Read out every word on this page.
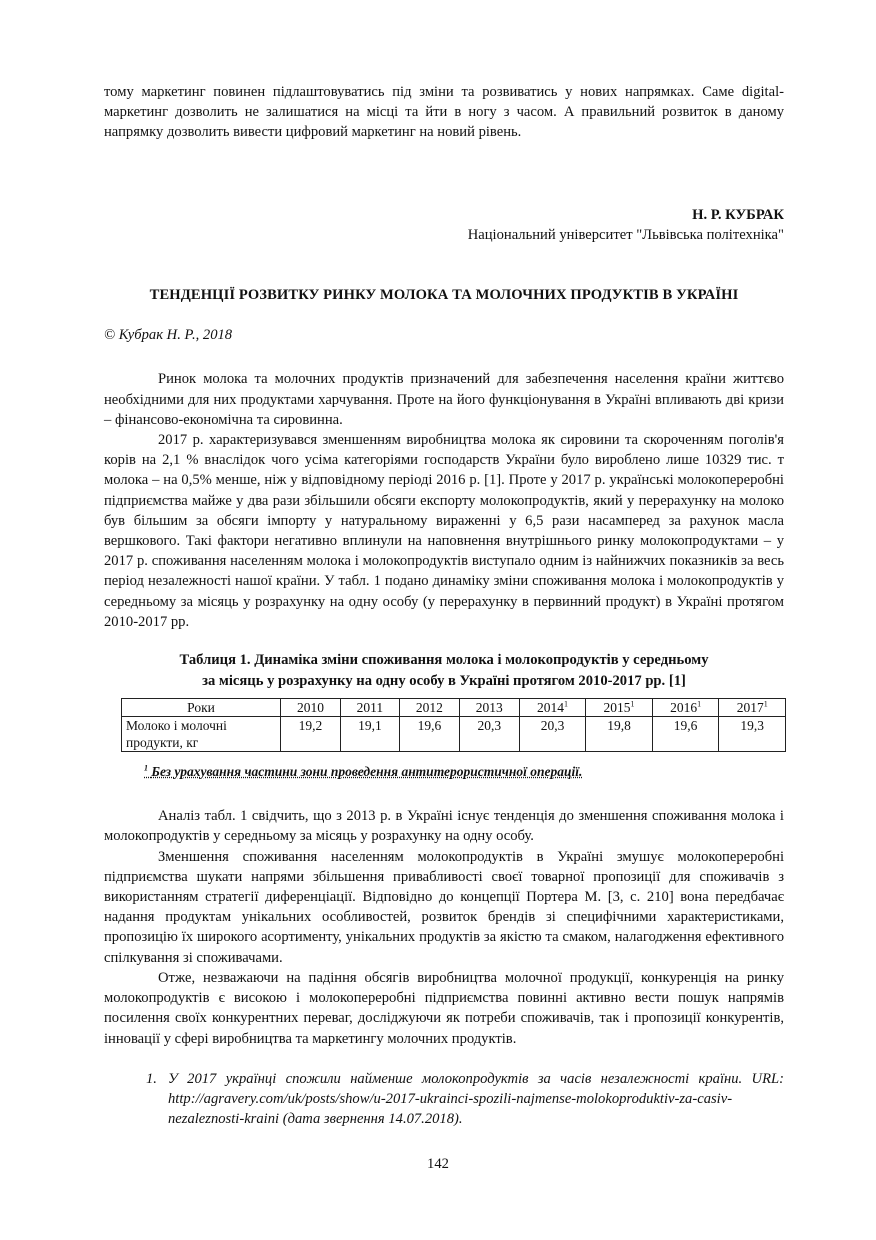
тому маркетинг повинен підлаштовуватись під зміни та розвиватись у нових напрямках. Саме digital-маркетинг дозволить не залишатися на місці та йти в ногу з часом. А правильний розвиток в даному напрямку дозволить вивести цифровий маркетинг на новий рівень.

Н. Р. КУБРАК
Національний університет "Львівська політехніка"
ТЕНДЕНЦІЇ РОЗВИТКУ РИНКУ МОЛОКА ТА МОЛОЧНИХ ПРОДУКТІВ В УКРАЇНІ
© Кубрак Н. Р., 2018

Ринок молока та молочних продуктів призначений для забезпечення населення країни життєво необхідними для них продуктами харчування. Проте на його функціонування в Україні впливають дві кризи – фінансово-економічна та сировинна.

2017 р. характеризувався зменшенням виробництва молока як сировини та скороченням поголів'я корів на 2,1 % внаслідок чого усіма категоріями господарств України було вироблено лише 10329 тис. т молока – на 0,5% менше, ніж у відповідному періоді 2016 р. [1]. Проте у 2017 р. українські молокопереробні підприємства майже у два рази збільшили обсяги експорту молокопродуктів, який у перерахунку на молоко був більшим за обсяги імпорту у натуральному вираженні у 6,5 рази насамперед за рахунок масла вершкового. Такі фактори негативно вплинули на наповнення внутрішнього ринку молокопродуктами – у 2017 р. споживання населенням молока і молокопродуктів виступало одним із найнижчих показників за весь період незалежності нашої країни. У табл. 1 подано динаміку зміни споживання молока і молокопродуктів у середньому за місяць у розрахунку на одну особу (у перерахунку в первинний продукт) в Україні протягом 2010-2017 рр.

Таблиця 1. Динаміка зміни споживання молока і молокопродуктів у середньому
за місяць у розрахунку на одну особу в Україні протягом 2010-2017 рр. [1]
Роки	2010	2011	2012	2013	2014$^1$	2015$^1$	2016$^1$	2017$^1$
Молоко і молочні продукти, кг	19,2	19,1	19,6	20,3	20,3	19,8	19,6	19,3
$^1$ Без урахування частини зони проведення антитерористичної операції.

Аналіз табл. 1 свідчить, що з 2013 р. в Україні існує тенденція до зменшення споживання молока і молокопродуктів у середньому за місяць у розрахунку на одну особу.

Зменшення споживання населенням молокопродуктів в Україні змушує молокопереробні підприємства шукати напрями збільшення привабливості своєї товарної пропозиції для споживачів з використанням стратегії диференціації. Відповідно до концепції Портера М. [3, с. 210] вона передбачає надання продуктам унікальних особливостей, розвиток брендів зі специфічними характеристиками, пропозицію їх широкого асортименту, унікальних продуктів за якістю та смаком, налагодження ефективного спілкування зі споживачами.

Отже, незважаючи на падіння обсягів виробництва молочної продукції, конкуренція на ринку молокопродуктів є високою і молокопереробні підприємства повинні активно вести пошук напрямів посилення своїх конкурентних переваг, досліджуючи як потреби споживачів, так і пропозиції конкурентів, інновації у сфері виробництва та маркетингу молочних продуктів.

1. У 2017 українці спожили найменше молокопродуктів за часів незалежності країни. URL: http://agravery.com/uk/posts/show/u-2017-ukrainci-spozili-najmense-molokoproduktiv-za-casiv-nezaleznosti-kraini (дата звернення 14.07.2018).
142
